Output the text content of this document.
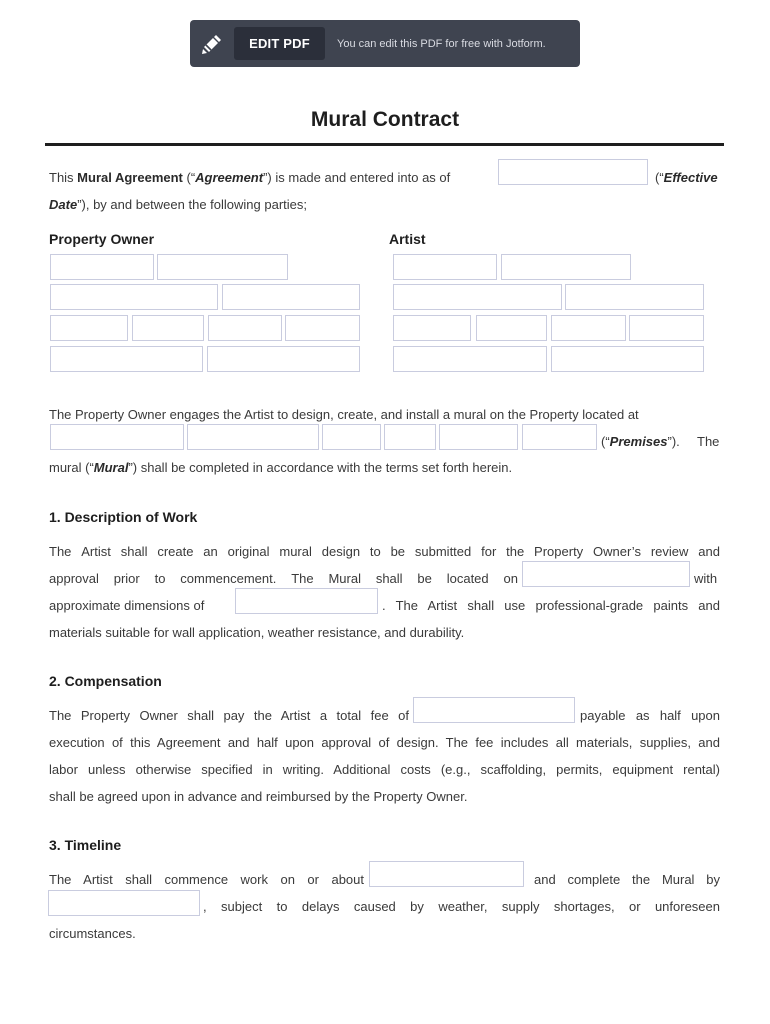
EDIT PDF	You can edit this PDF for free with Jotform.
Mural Contract
This Mural Agreement (“Agreement”) is made and entered into as of	(“Effective
Date”), by and between the following parties;
Property Owner	Artist
The Property Owner engages the Artist to design, create, and install a mural on the Property located at
(“Premises”). The
mural (“Mural”) shall be completed in accordance with the terms set forth herein.
1. Description of Work
The Artist shall create an original mural design to be submitted for the Property Owner’s review and
approval prior to commencement. The Mural shall be located on	with
approximate dimensions of	. The Artist shall use professional-grade paints and
materials suitable for wall application, weather resistance, and durability.
2. Compensation
The Property Owner shall pay the Artist a total fee of	payable as half upon
execution of this Agreement and half upon approval of design. The fee includes all materials, supplies, and
labor unless otherwise specified in writing. Additional costs (e.g., scaffolding, permits, equipment rental)
shall be agreed upon in advance and reimbursed by the Property Owner.
3. Timeline
The Artist shall commence work on or about	and complete the Mural by
, subject to delays caused by weather, supply shortages, or unforeseen
circumstances.
